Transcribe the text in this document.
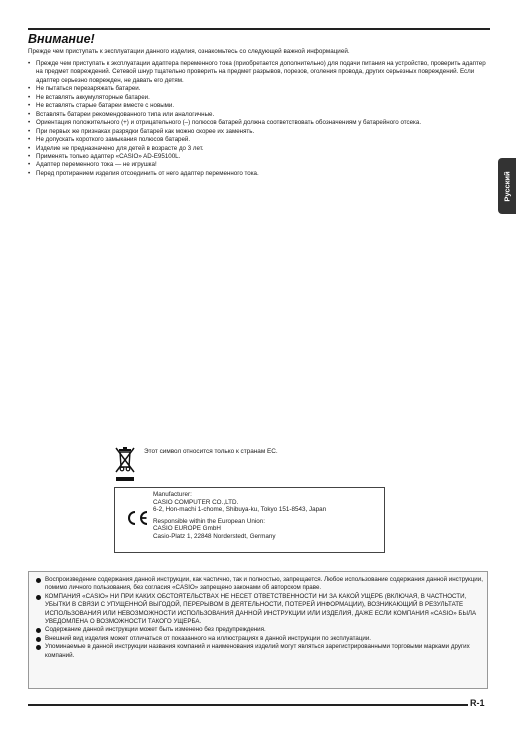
Внимание!
Прежде чем приступать к эксплуатации данного изделия, ознакомьтесь со следующей важной информацией.
• Прежде чем приступать к эксплуатации адаптера переменного тока (приобретается дополнительно) для подачи питания на устройство, проверить адаптер на предмет повреждений. Сетевой шнур тщательно проверить на предмет разрывов, порезов, оголения провода, других серьезных повреждений. Если адаптер серьезно поврежден, не давать его детям.
• Не пытаться перезаряжать батареи.
• Не вставлять аккумуляторные батареи.
• Не вставлять старые батареи вместе с новыми.
• Вставлять батареи рекомендованного типа или аналогичные.
• Ориентация положительного (+) и отрицательного (–) полюсов батарей должна соответствовать обозначениям у батарейного отсека.
• При первых же признаках разрядки батарей как можно скорее их заменять.
• Не допускать короткого замыкания полюсов батарей.
• Изделие не предназначено для детей в возрасте до 3 лет.
• Применять только адаптер «CASIO» AD-E95100L.
• Адаптер переменного тока — не игрушка!
• Перед протиранием изделия отсоединить от него адаптер переменного тока.	Русский
Этот символ относится только к странам ЕС.
Manufacturer:
CASIO COMPUTER CO.,LTD.
6-2, Hon-machi 1-chome, Shibuya-ku, Tokyo 151-8543, Japan
Responsible within the European Union:
CASIO EUROPE GmbH
Casio-Platz 1, 22848 Norderstedt, Germany
Воспроизведение содержания данной инструкции, как частично, так и полностью, запрещается. Любое использование содержания данной инструкции, помимо личного пользования, без согласия «CASIO» запрещено законами об авторском праве.
КОМПАНИЯ «CASIO» НИ ПРИ КАКИХ ОБСТОЯТЕЛЬСТВАХ НЕ НЕСЕТ ОТВЕТСТВЕННОСТИ НИ ЗА КАКОЙ УЩЕРБ (ВКЛЮЧАЯ, В ЧАСТНОСТИ, УБЫТКИ В СВЯЗИ С УПУЩЕННОЙ ВЫГОДОЙ, ПЕРЕРЫВОМ В ДЕЯТЕЛЬНОСТИ, ПОТЕРЕЙ ИНФОРМАЦИИ), ВОЗНИКАЮЩИЙ В РЕЗУЛЬТАТЕ ИСПОЛЬЗОВАНИЯ ИЛИ НЕВОЗМОЖНОСТИ ИСПОЛЬЗОВАНИЯ ДАННОЙ ИНСТРУКЦИИ ИЛИ ИЗДЕЛИЯ, ДАЖЕ ЕСЛИ КОМПАНИЯ «CASIO» БЫЛА УВЕДОМЛЕНА О ВОЗМОЖНОСТИ ТАКОГО УЩЕРБА.
Содержание данной инструкции может быть изменено без предупреждения.
Внешний вид изделия может отличаться от показанного на иллюстрациях в данной инструкции по эксплуатации.
Упоминаемые в данной инструкции названия компаний и наименования изделий могут являться зарегистрированными торговыми марками других компаний.
R-1
